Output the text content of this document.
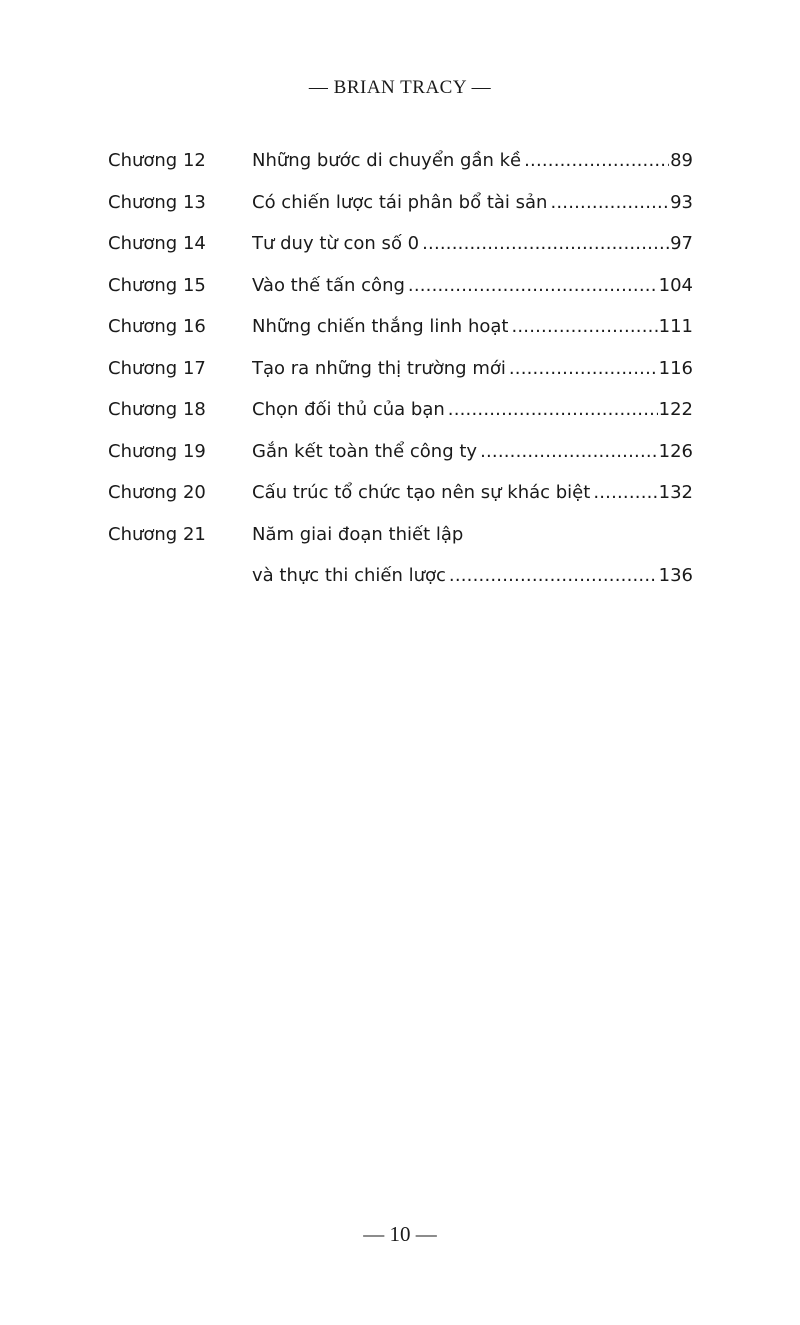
— BRIAN TRACY —
Chương 12	Những bước di chuyển gần kề .....	89
Chương 13	Có chiến lược tái phân bổ tài sản .....	93
Chương 14	Tư duy từ con số 0 .....	97
Chương 15	Vào thế tấn công .....	104
Chương 16	Những chiến thắng linh hoạt .....	111
Chương 17	Tạo ra những thị trường mới .....	116
Chương 18	Chọn đối thủ của bạn .....	122
Chương 19	Gắn kết toàn thể công ty .....	126
Chương 20	Cấu trúc tổ chức tạo nên sự khác biệt .....	132
Chương 21	Năm giai đoạn thiết lập
và thực thi chiến lược .....	136
— 10 —
